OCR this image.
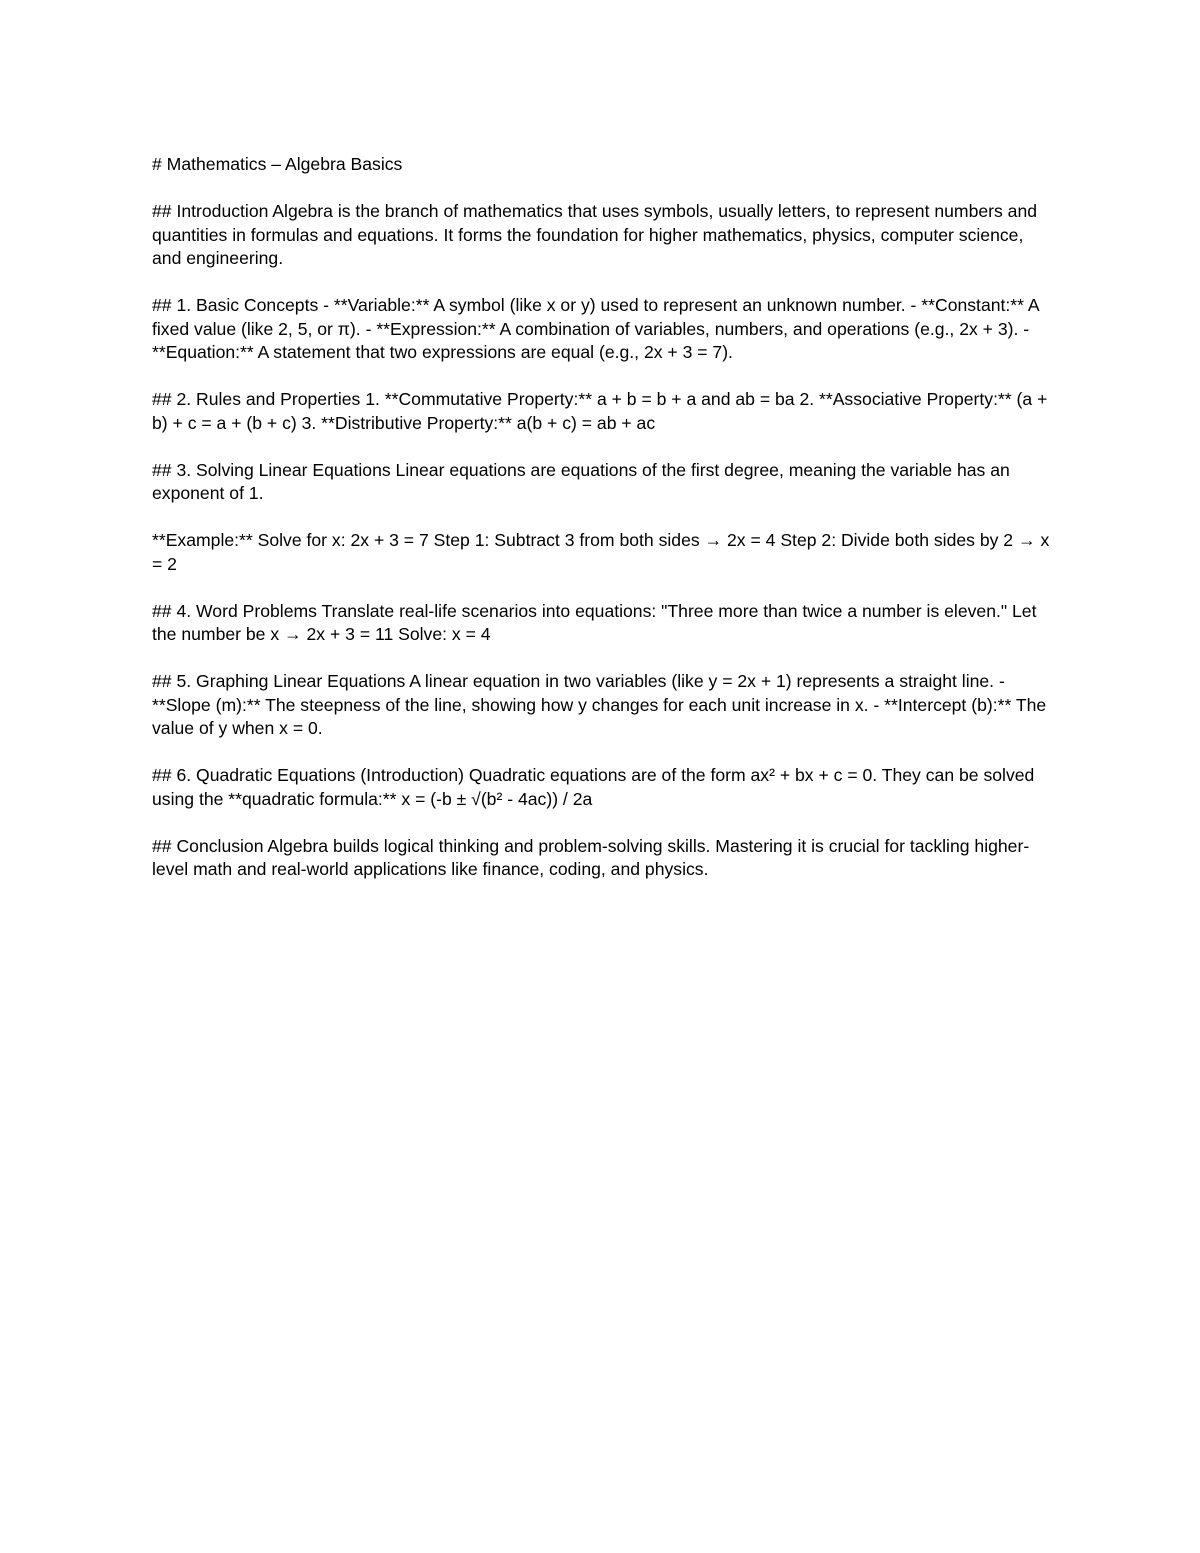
# Mathematics – Algebra Basics

## Introduction Algebra is the branch of mathematics that uses symbols, usually letters, to represent numbers and quantities in formulas and equations. It forms the foundation for higher mathematics, physics, computer science, and engineering.

## 1. Basic Concepts - **Variable:** A symbol (like x or y) used to represent an unknown number. - **Constant:** A fixed value (like 2, 5, or π). - **Expression:** A combination of variables, numbers, and operations (e.g., 2x + 3). - **Equation:** A statement that two expressions are equal (e.g., 2x + 3 = 7).

## 2. Rules and Properties 1. **Commutative Property:** a + b = b + a and ab = ba 2. **Associative Property:** (a + b) + c = a + (b + c) 3. **Distributive Property:** a(b + c) = ab + ac

## 3. Solving Linear Equations Linear equations are equations of the first degree, meaning the variable has an exponent of 1.

**Example:** Solve for x: 2x + 3 = 7 Step 1: Subtract 3 from both sides → 2x = 4 Step 2: Divide both sides by 2 → x = 2

## 4. Word Problems Translate real-life scenarios into equations: "Three more than twice a number is eleven." Let the number be x → 2x + 3 = 11 Solve: x = 4

## 5. Graphing Linear Equations A linear equation in two variables (like y = 2x + 1) represents a straight line. - **Slope (m):** The steepness of the line, showing how y changes for each unit increase in x. - **Intercept (b):** The value of y when x = 0.

## 6. Quadratic Equations (Introduction) Quadratic equations are of the form ax² + bx + c = 0. They can be solved using the **quadratic formula:** x = (-b ± √(b² - 4ac)) / 2a

## Conclusion Algebra builds logical thinking and problem-solving skills. Mastering it is crucial for tackling higher-level math and real-world applications like finance, coding, and physics.
